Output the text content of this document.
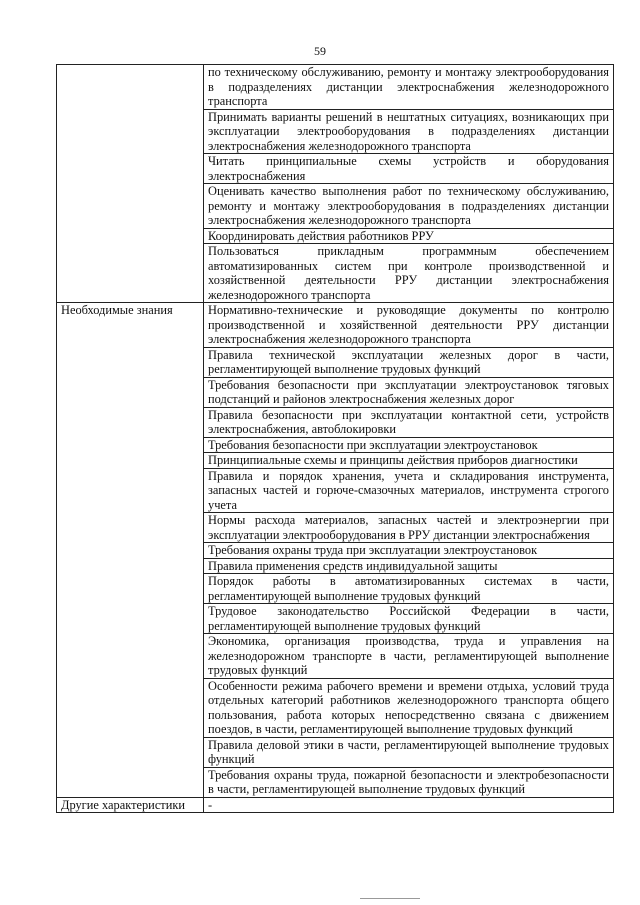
59
	по техническому обслуживанию, ремонту и монтажу электрооборудования в подразделениях дистанции электроснабжения железнодорожного транспорта
	Принимать варианты решений в нештатных ситуациях, возникающих при эксплуатации электрооборудования в подразделениях дистанции электроснабжения железнодорожного транспорта
	Читать принципиальные схемы устройств и оборудования электроснабжения
	Оценивать качество выполнения работ по техническому обслуживанию, ремонту и монтажу электрооборудования в подразделениях дистанции электроснабжения железнодорожного транспорта
	Координировать действия работников РРУ
	Пользоваться прикладным программным обеспечением автоматизированных систем при контроле производственной и хозяйственной деятельности РРУ дистанции электроснабжения железнодорожного транспорта
Необходимые знания	Нормативно-технические и руководящие документы по контролю производственной и хозяйственной деятельности РРУ дистанции электроснабжения железнодорожного транспорта
	Правила технической эксплуатации железных дорог в части, регламентирующей выполнение трудовых функций
	Требования безопасности при эксплуатации электроустановок тяговых подстанций и районов электроснабжения железных дорог
	Правила безопасности при эксплуатации контактной сети, устройств электроснабжения, автоблокировки
	Требования безопасности при эксплуатации электроустановок
	Принципиальные схемы и принципы действия приборов диагностики
	Правила и порядок хранения, учета и складирования инструмента, запасных частей и горюче-смазочных материалов, инструмента строгого учета
	Нормы расхода материалов, запасных частей и электроэнергии при эксплуатации электрооборудования в РРУ дистанции электроснабжения
	Требования охраны труда при эксплуатации электроустановок
	Правила применения средств индивидуальной защиты
	Порядок работы в автоматизированных системах в части, регламентирующей выполнение трудовых функций
	Трудовое законодательство Российской Федерации в части, регламентирующей выполнение трудовых функций
	Экономика, организация производства, труда и управления на железнодорожном транспорте в части, регламентирующей выполнение трудовых функций
	Особенности режима рабочего времени и времени отдыха, условий труда отдельных категорий работников железнодорожного транспорта общего пользования, работа которых непосредственно связана с движением поездов, в части, регламентирующей выполнение трудовых функций
	Правила деловой этики в части, регламентирующей выполнение трудовых функций
	Требования охраны труда, пожарной безопасности и электробезопасности в части, регламентирующей выполнение трудовых функций
Другие характеристики	-
